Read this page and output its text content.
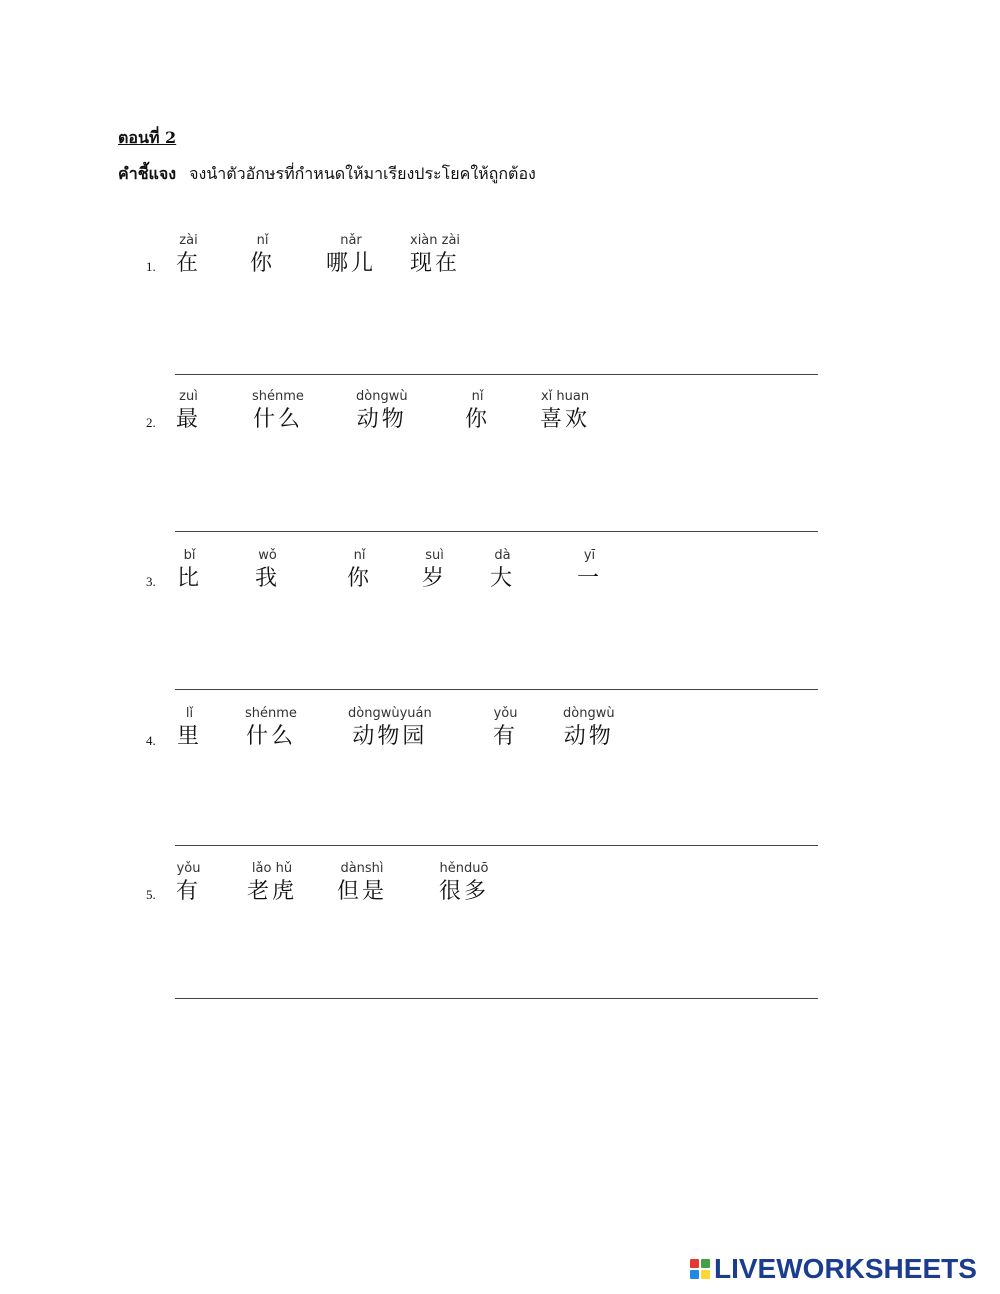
ตอนที่ 2
คำชี้แจง จงนำตัวอักษรที่กำหนดให้มาเรียงประโยคให้ถูกต้อง
1.
zài
在
nǐ
你
nǎr
哪儿
xiàn zài
现在
2.
zuì
最
shénme
什么
dòngwù
动物
nǐ
你
xǐ huan
喜欢
3.
bǐ
比
wǒ
我
nǐ
你
suì
岁
dà
大
yī
一
4.
lǐ
里
shénme
什么
dòngwùyuán
动物园
yǒu
有
dòngwù
动物
5.
yǒu
有
lǎo hǔ
老虎
dànshì
但是
hěnduō
很多
LIVEWORKSHEETS
